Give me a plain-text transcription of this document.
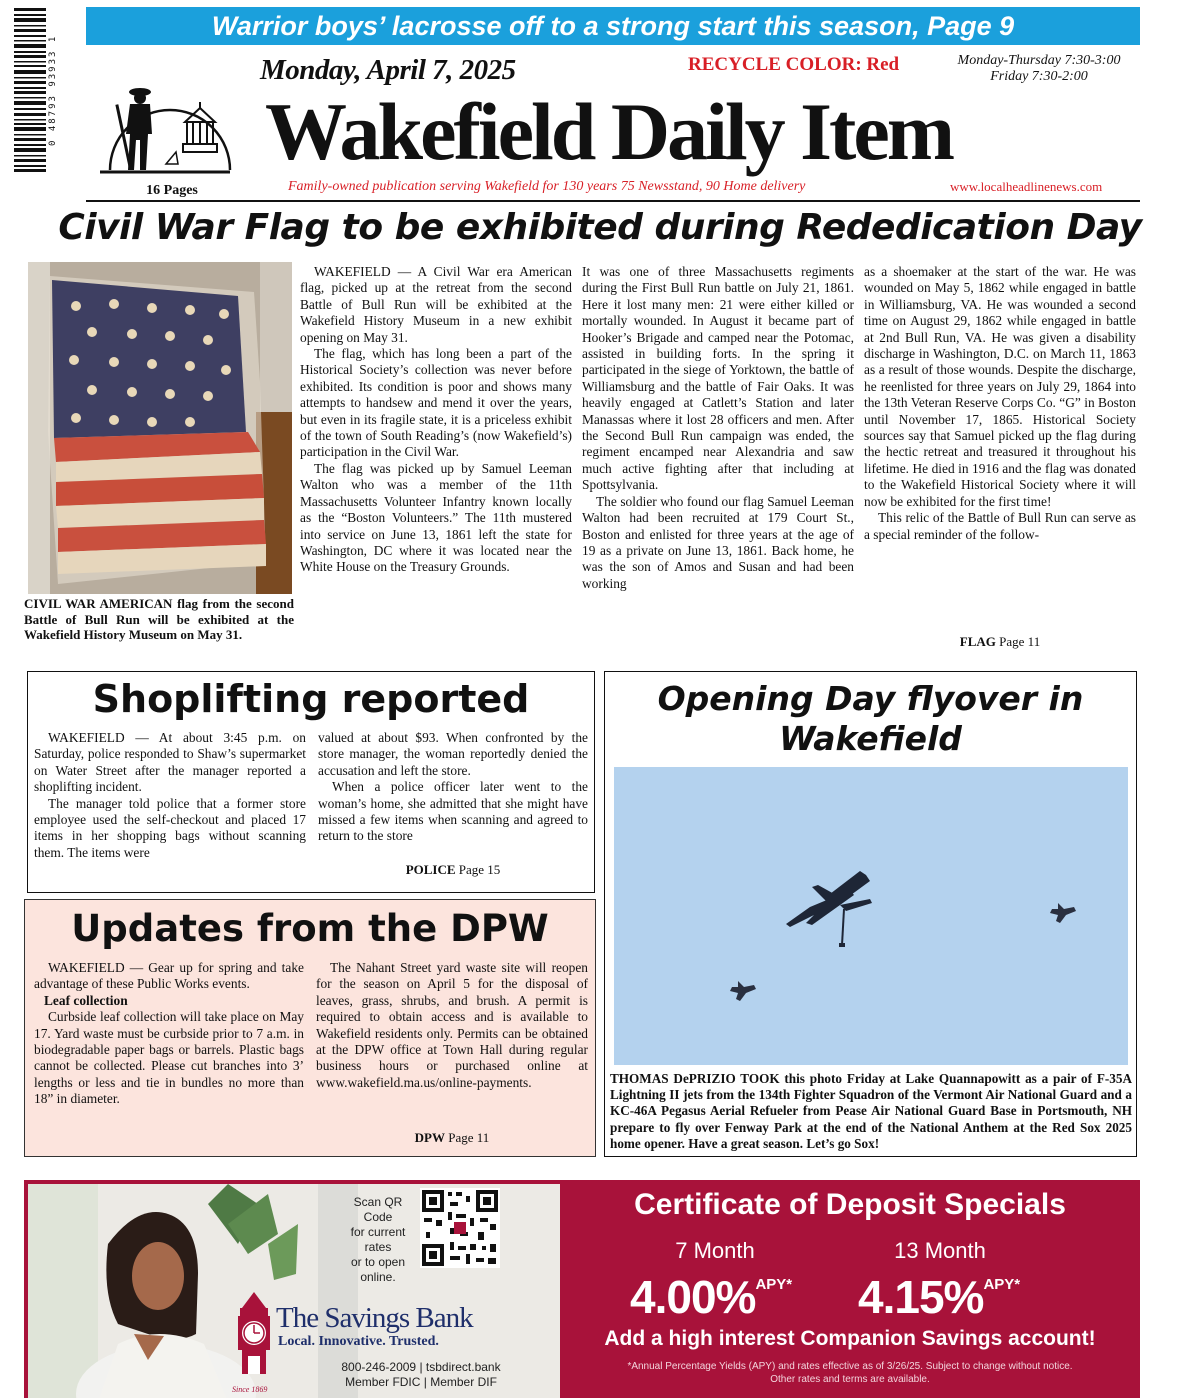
Warrior boys’ lacrosse off to a strong start this season, Page 9
0 48793 93933 1
16 Pages
Monday, April 7, 2025	RECYCLE COLOR: Red	Monday-Thursday 7:30-3:00
Friday 7:30-2:00
Wakefield Daily Item
Family-owned publication serving Wakefield for 130 years 75 Newsstand, 90 Home delivery	www.localheadlinenews.com
Civil War Flag to be exhibited during Rededication Day
CIVIL WAR AMERICAN flag from the second Battle of Bull Run will be exhibited at the Wakefield History Museum on May 31.

WAKEFIELD — A Civil War era American flag, picked up at the retreat from the second Battle of Bull Run will be exhibited at the Wakefield History Museum in a new exhibit opening on May 31.

The flag, which has long been a part of the Historical Society’s collection was never before exhibited. Its condition is poor and shows many attempts to handsew and mend it over the years, but even in its fragile state, it is a priceless exhibit of the town of South Reading’s (now Wakefield’s) participation in the Civil War.

The flag was picked up by Samuel Leeman Walton who was a member of the 11th Massachusetts Volunteer Infantry known locally as the “Boston Volunteers.” The 11th mustered into service on June 13, 1861 left the state for Washington, DC where it was located near the White House on the Treasury Grounds.

It was one of three Massachusetts regiments during the First Bull Run battle on July 21, 1861. Here it lost many men: 21 were either killed or mortally wounded. In August it became part of Hooker’s Brigade and camped near the Potomac, assisted in building forts. In the spring it participated in the siege of Yorktown, the battle of Williamsburg and the battle of Fair Oaks. It was heavily engaged at Catlett’s Station and later Manassas where it lost 28 officers and men. After the Second Bull Run campaign was ended, the regiment encamped near Alexandria and saw much active fighting after that including at Spottsylvania.

The soldier who found our flag Samuel Leeman Walton had been recruited at 179 Court St., Boston and enlisted for three years at the age of 19 as a private on June 13, 1861. Back home, he was the son of Amos and Susan and had been working

as a shoemaker at the start of the war. He was wounded on May 5, 1862 while engaged in battle in Williamsburg, VA. He was wounded a second time on August 29, 1862 while engaged in battle at 2nd Bull Run, VA. He was given a disability discharge in Washington, D.C. on March 11, 1863 as a result of those wounds. Despite the discharge, he reenlisted for three years on July 29, 1864 into the 13th Veteran Reserve Corps Co. “G” in Boston until November 17, 1865. Historical Society sources say that Samuel picked up the flag during the hectic retreat and treasured it throughout his lifetime. He died in 1916 and the flag was donated to the Wakefield Historical Society where it will now be exhibited for the first time!

This relic of the Battle of Bull Run can serve as a special reminder of the follow-

FLAG Page 11
Shoplifting reported

WAKEFIELD — At about 3:45 p.m. on Saturday, police responded to Shaw’s supermarket on Water Street after the manager reported a shoplifting incident.

The manager told police that a former store employee used the self-checkout and placed 17 items in her shopping bags without scanning them. The items were

valued at about $93. When confronted by the store manager, the woman reportedly denied the accusation and left the store.

When a police officer later went to the woman’s home, she admitted that she might have missed a few items when scanning and agreed to return to the store

POLICE Page 15
Updates from the DPW

WAKEFIELD — Gear up for spring and take advantage of these Public Works events.

Leaf collection

Curbside leaf collection will take place on May 17. Yard waste must be curbside prior to 7 a.m. in biodegradable paper bags or barrels. Plastic bags cannot be collected. Please cut branches into 3’ lengths or less and tie in bundles no more than 18” in diameter.

The Nahant Street yard waste site will reopen for the season on April 5 for the disposal of leaves, grass, shrubs, and brush. A permit is required to obtain access and is available to Wakefield residents only. Permits can be obtained at the DPW office at Town Hall during regular business hours or purchased online at www.wakefield.ma.us/online-payments.

DPW Page 11
Opening Day flyover in Wakefield
THOMAS DePRIZIO TOOK this photo Friday at Lake Quannapowitt as a pair of F-35A Lightning II jets from the 134th Fighter Squadron of the Vermont Air National Guard and a KC-46A Pegasus Aerial Refueler from Pease Air National Guard Base in Portsmouth, NH prepare to fly over Fenway Park at the end of the National Anthem at the Red Sox 2025 home opener. Have a great season. Let’s go Sox!
Scan QR Code
for current rates
or to open online.
The Savings Bank
Local. Innovative. Trusted.
Since 1869
800-246-2009 | tsbdirect.bank
Member FDIC | Member DIF
Certificate of Deposit Specials
7 Month	13 Month
4.00%$^{APY*}$ 4.15%$^{APY*}$
Add a high interest Companion Savings account!
*Annual Percentage Yields (APY) and rates effective as of 3/26/25. Subject to change without notice.
Other rates and terms are available.
